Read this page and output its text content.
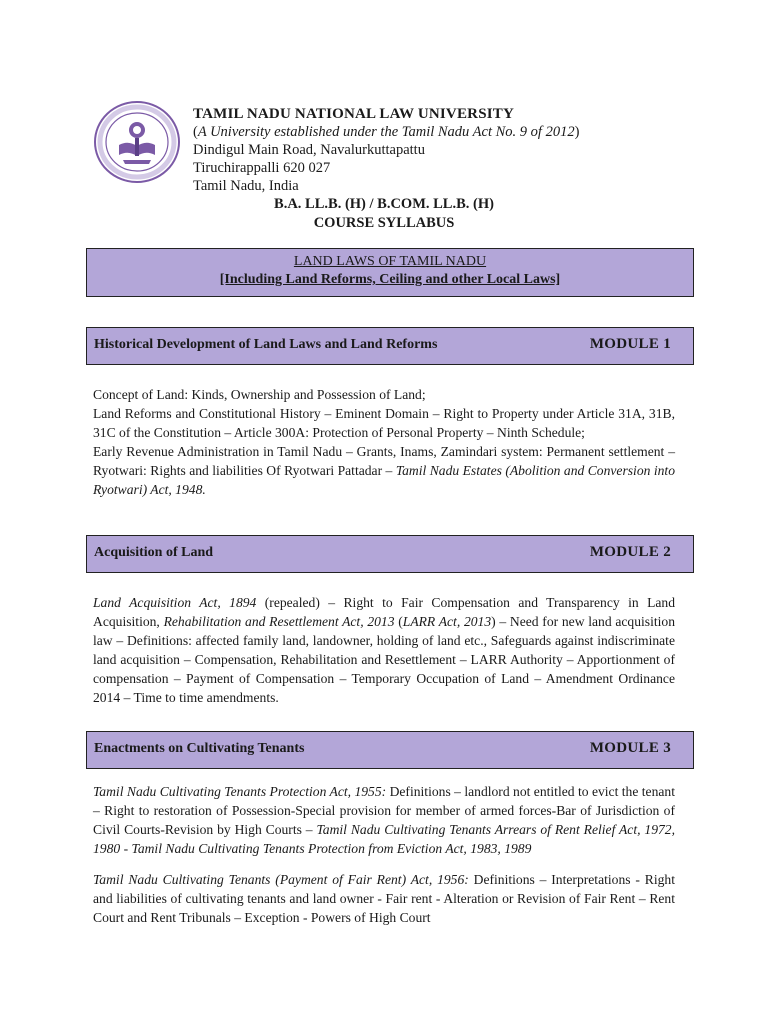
TAMIL NADU NATIONAL LAW UNIVERSITY
(A University established under the Tamil Nadu Act No. 9 of 2012)
Dindigul Main Road, Navalurkuttapattu
Tiruchirappalli 620 027
Tamil Nadu, India
B.A. LL.B. (H) / B.COM. LL.B. (H)
COURSE SYLLABUS
LAND LAWS OF TAMIL NADU
[Including Land Reforms, Ceiling and other Local Laws]
Historical Development of Land Laws and Land Reforms	MODULE 1
Concept of Land: Kinds, Ownership and Possession of Land;
Land Reforms and Constitutional History – Eminent Domain – Right to Property under Article 31A, 31B, 31C of the Constitution – Article 300A: Protection of Personal Property – Ninth Schedule;
Early Revenue Administration in Tamil Nadu – Grants, Inams, Zamindari system: Permanent settlement – Ryotwari: Rights and liabilities Of Ryotwari Pattadar – Tamil Nadu Estates (Abolition and Conversion into Ryotwari) Act, 1948.
Acquisition of Land	MODULE 2
Land Acquisition Act, 1894 (repealed) – Right to Fair Compensation and Transparency in Land Acquisition, Rehabilitation and Resettlement Act, 2013 (LARR Act, 2013) – Need for new land acquisition law – Definitions: affected family land, landowner, holding of land etc., Safeguards against indiscriminate land acquisition – Compensation, Rehabilitation and Resettlement – LARR Authority – Apportionment of compensation – Payment of Compensation – Temporary Occupation of Land – Amendment Ordinance 2014 – Time to time amendments.
Enactments on Cultivating Tenants	MODULE 3
Tamil Nadu Cultivating Tenants Protection Act, 1955: Definitions – landlord not entitled to evict the tenant – Right to restoration of Possession-Special provision for member of armed forces-Bar of Jurisdiction of Civil Courts-Revision by High Courts – Tamil Nadu Cultivating Tenants Arrears of Rent Relief Act, 1972, 1980 - Tamil Nadu Cultivating Tenants Protection from Eviction Act, 1983, 1989
Tamil Nadu Cultivating Tenants (Payment of Fair Rent) Act, 1956: Definitions – Interpretations - Right and liabilities of cultivating tenants and land owner - Fair rent - Alteration or Revision of Fair Rent – Rent Court and Rent Tribunals – Exception - Powers of High Court
